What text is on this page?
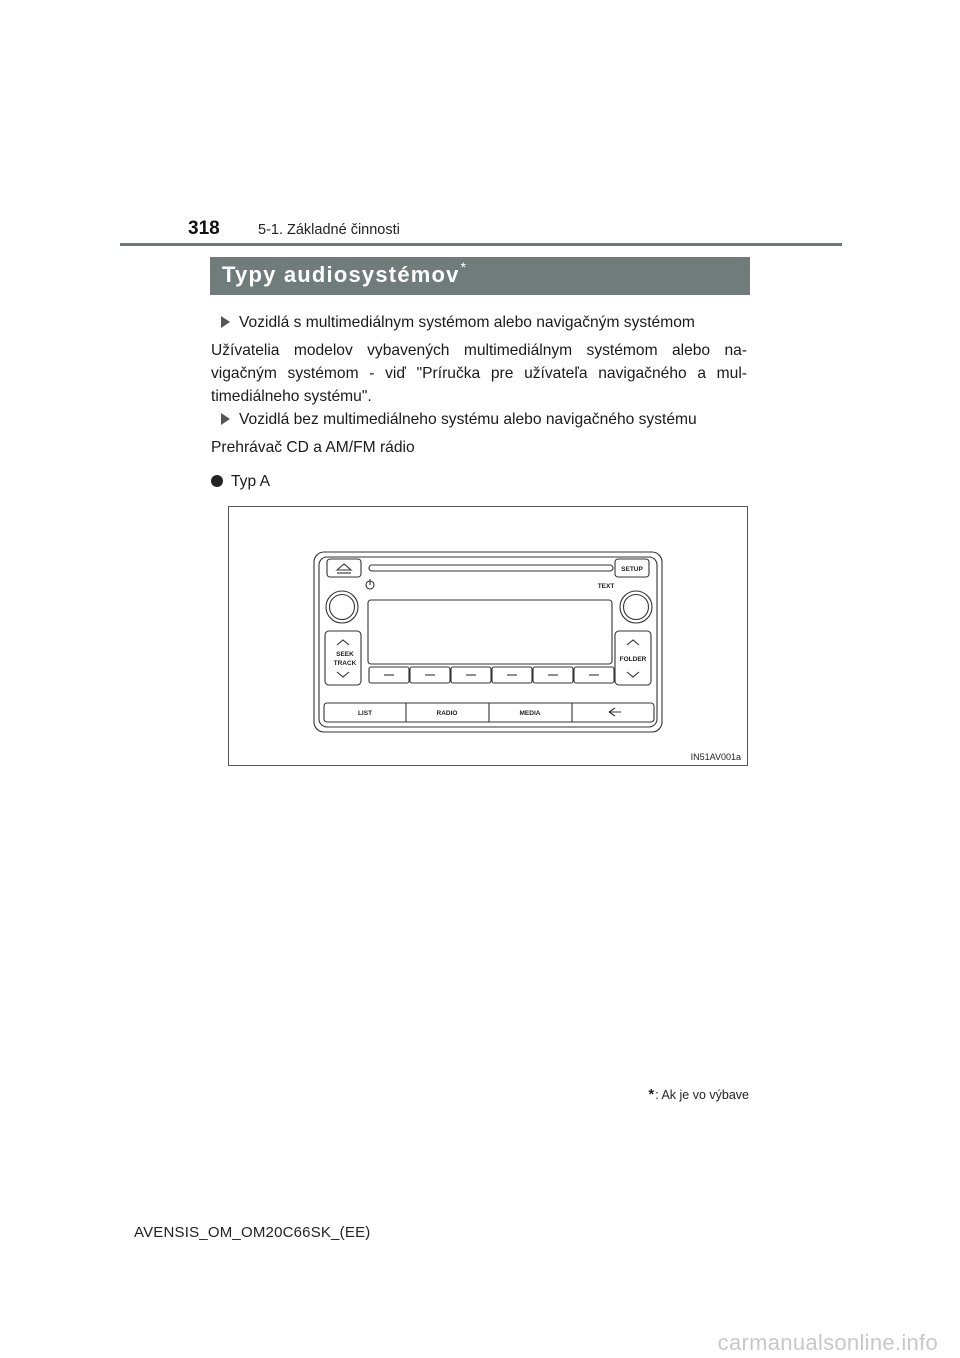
318	5-1. Základné činnosti
Typy audiosystémov*
Vozidlá s multimediálnym systémom alebo navigačným systémom
Užívatelia modelov vybavených multimediálnym systémom alebo na-
vigačným systémom - viď "Príručka pre užívateľa navigačného a mul-
timediálneho systému".
Vozidlá bez multimediálneho systému alebo navigačného systému
Prehrávač CD a AM/FM rádio
Typ A
SETUP
TEXT
SEEK
TRACK
FOLDER
LIST	RADIO	MEDIA
IN51AV001a
*: Ak je vo výbave
AVENSIS_OM_OM20C66SK_(EE)
carmanualsonline.info
